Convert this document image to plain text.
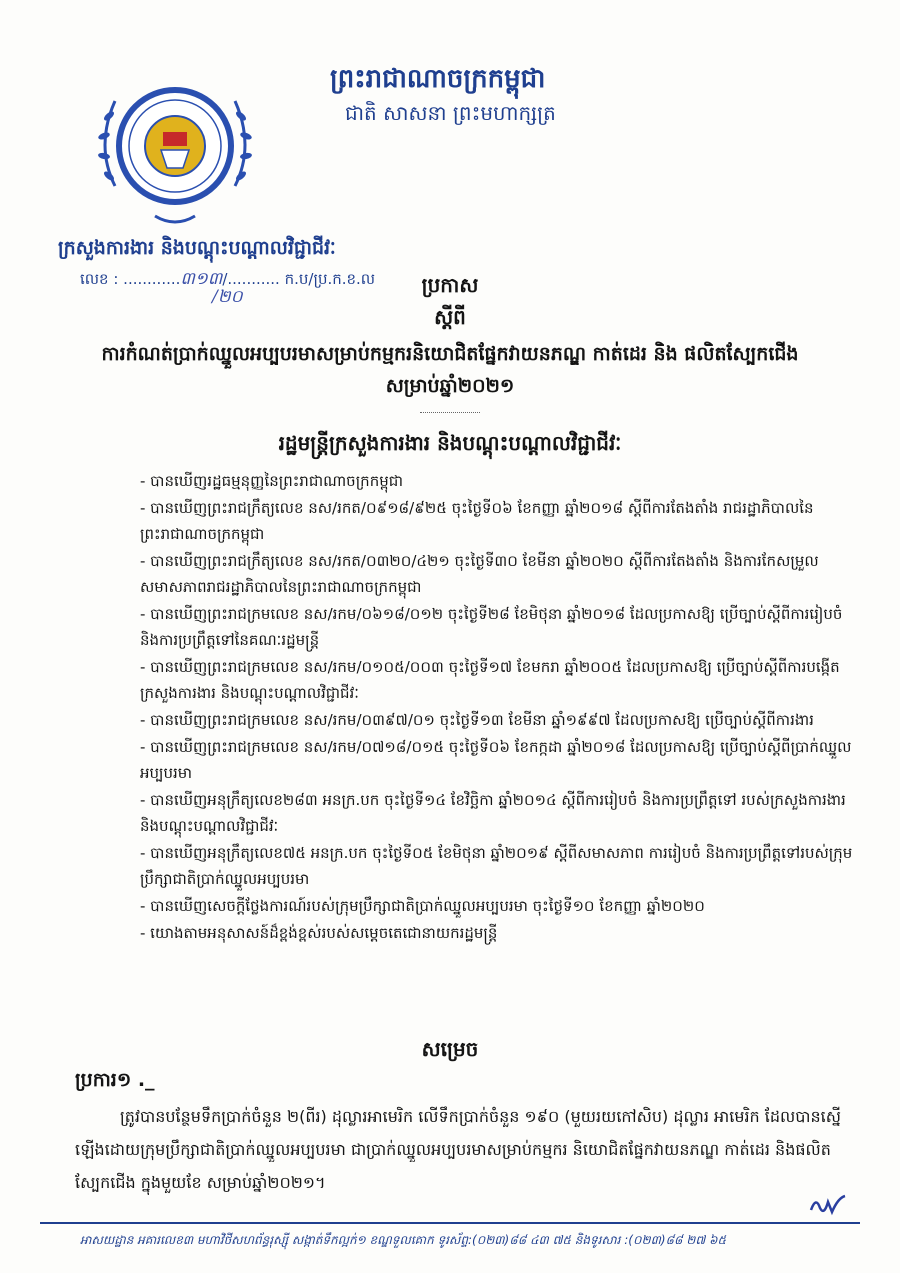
ព្រះរាជាណាចក្រកម្ពុជា
ជាតិ សាសនា ព្រះមហាក្សត្រ
ក្រសួងការងារ និងបណ្តុះបណ្តាលវិជ្ជាជីវៈ
លេខ : ............៣១៣/........... ក.ប/ប្រ.ក.ខ.ល
/២០	ប្រកាស
ស្តីពី
ការកំណត់ប្រាក់ឈ្នួលអប្បបរមាសម្រាប់កម្មករនិយោជិតផ្នែកវាយនភណ្ឌ កាត់ដេរ និង ផលិតស្បែកជើង សម្រាប់ឆ្នាំ២០២១
រដ្ឋមន្ត្រីក្រសួងការងារ និងបណ្តុះបណ្តាលវិជ្ជាជីវៈ
- បានឃើញរដ្ឋធម្មនុញ្ញនៃព្រះរាជាណាចក្រកម្ពុជា
- បានឃើញព្រះរាជក្រឹត្យលេខ នស/រកត/០៩១៨/៩២៥ ចុះថ្ងៃទី០៦ ខែកញ្ញា ឆ្នាំ២០១៨ ស្តីពីការតែងតាំង រាជរដ្ឋាភិបាលនៃព្រះរាជាណាចក្រកម្ពុជា
- បានឃើញព្រះរាជក្រឹត្យលេខ នស/រកត/០៣២០/៤២១ ចុះថ្ងៃទី៣០ ខែមីនា ឆ្នាំ២០២០ ស្តីពីការតែងតាំង និងការកែសម្រួលសមាសភាពរាជរដ្ឋាភិបាលនៃព្រះរាជាណាចក្រកម្ពុជា
- បានឃើញព្រះរាជក្រមលេខ នស/រកម/០៦១៨/០១២ ចុះថ្ងៃទី២៨ ខែមិថុនា ឆ្នាំ២០១៨ ដែលប្រកាសឱ្យ ប្រើច្បាប់ស្តីពីការរៀបចំនិងការប្រព្រឹត្តទៅនៃគណៈរដ្ឋមន្ត្រី
- បានឃើញព្រះរាជក្រមលេខ នស/រកម/០១០៥/០០៣ ចុះថ្ងៃទី១៧ ខែមករា ឆ្នាំ២០០៥ ដែលប្រកាសឱ្យ ប្រើច្បាប់ស្តីពីការបង្កើតក្រសួងការងារ និងបណ្តុះបណ្តាលវិជ្ជាជីវៈ
- បានឃើញព្រះរាជក្រមលេខ នស/រកម/០៣៩៧/០១ ចុះថ្ងៃទី១៣ ខែមីនា ឆ្នាំ១៩៩៧ ដែលប្រកាសឱ្យ ប្រើច្បាប់ស្តីពីការងារ
- បានឃើញព្រះរាជក្រមលេខ នស/រកម/០៧១៨/០១៥ ចុះថ្ងៃទី០៦ ខែកក្កដា ឆ្នាំ២០១៨ ដែលប្រកាសឱ្យ ប្រើច្បាប់ស្តីពីប្រាក់ឈ្នួលអប្បបរមា
- បានឃើញអនុក្រឹត្យលេខ២៨៣ អនក្រ.បក ចុះថ្ងៃទី១៤ ខែវិច្ឆិកា ឆ្នាំ២០១៤ ស្តីពីការរៀបចំ និងការប្រព្រឹត្តទៅ របស់ក្រសួងការងារ និងបណ្តុះបណ្តាលវិជ្ជាជីវៈ
- បានឃើញអនុក្រឹត្យលេខ៧៥ អនក្រ.បក ចុះថ្ងៃទី០៥ ខែមិថុនា ឆ្នាំ២០១៩ ស្តីពីសមាសភាព ការរៀបចំ និងការប្រព្រឹត្តទៅរបស់ក្រុមប្រឹក្សាជាតិប្រាក់ឈ្នួលអប្បបរមា
- បានឃើញសេចក្តីថ្លែងការណ៍របស់ក្រុមប្រឹក្សាជាតិប្រាក់ឈ្នួលអប្បបរមា ចុះថ្ងៃទី១០ ខែកញ្ញា ឆ្នាំ២០២០
- យោងតាមអនុសាសន៍ដ៏ខ្ពង់ខ្ពស់របស់សម្តេចតេជោនាយករដ្ឋមន្ត្រី
សម្រេច
ប្រការ១ ._
ត្រូវបានបន្ថែមទឹកប្រាក់ចំនួន ២(ពីរ) ដុល្លារអាមេរិក លើទឹកប្រាក់ចំនួន ១៩០ (មួយរយកៅសិប) ដុល្លារ អាមេរិក ដែលបានស្នើឡើងដោយក្រុមប្រឹក្សាជាតិប្រាក់ឈ្នួលអប្បបរមា ជាប្រាក់ឈ្នួលអប្បបរមាសម្រាប់កម្មករ និយោជិតផ្នែកវាយនភណ្ឌ កាត់ដេរ និងផលិតស្បែកជើង ក្នុងមួយខែ សម្រាប់ឆ្នាំ២០២១។
អាសយដ្ឋាន អគារលេខ៣ មហាវិថីសហព័ន្ធរុស្ស៊ី សង្កាត់ទឹកល្អក់១ ខណ្ឌទួលគោក ទូរស័ព្ទ:(០២៣)៨៨ ៤៣ ៧៥ និងទូរសារ :(០២៣)៨៨ ២៧ ៦៥
